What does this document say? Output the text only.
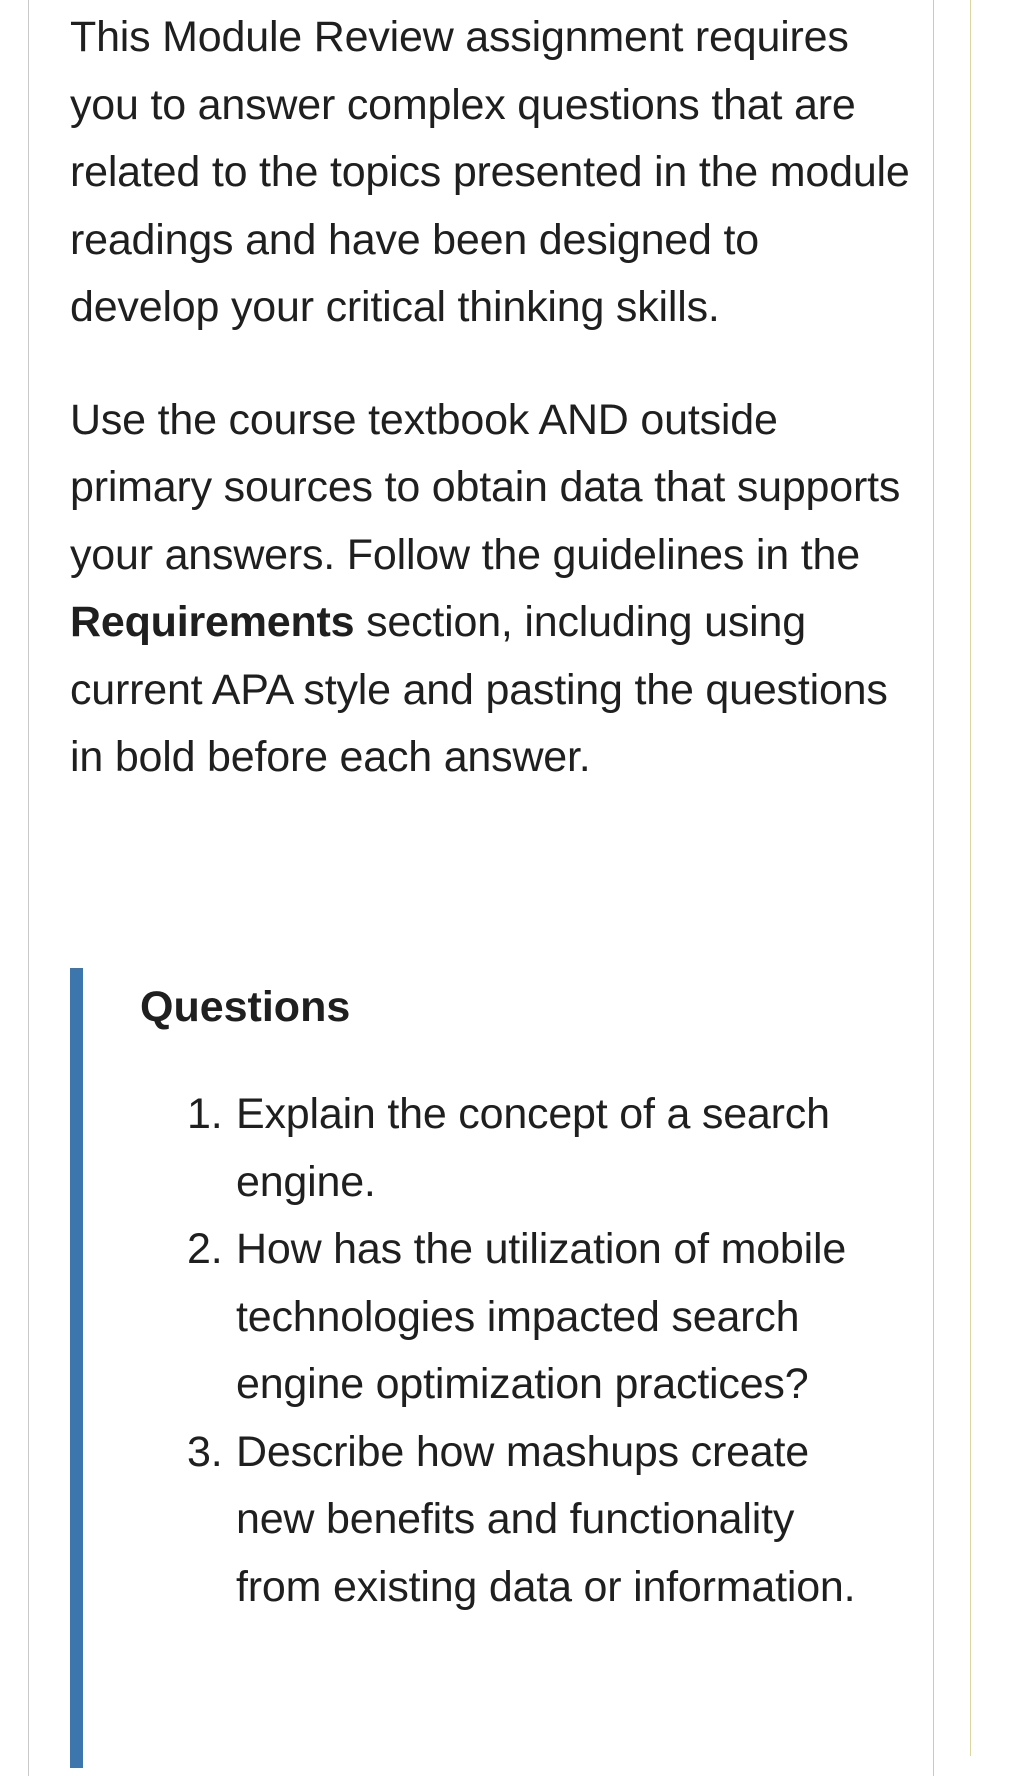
This Module Review assignment requires you to answer complex questions that are related to the topics presented in the module readings and have been designed to develop your critical thinking skills.

Use the course textbook AND outside primary sources to obtain data that supports your answers. Follow the guidelines in the Requirements section, including using current APA style and pasting the questions in bold before each answer.

Questions
1. Explain the concept of a search engine.
2. How has the utilization of mobile technologies impacted search engine optimization practices?
3. Describe how mashups create new benefits and functionality from existing data or information.
